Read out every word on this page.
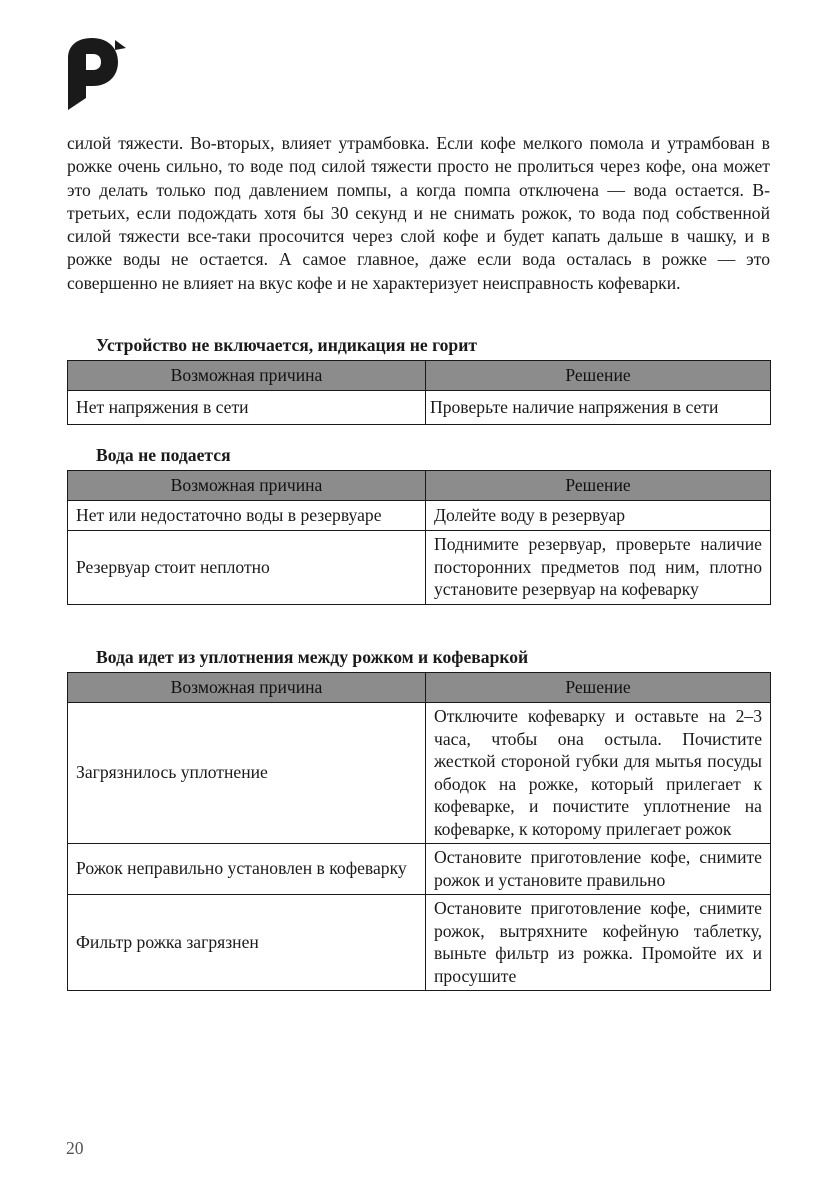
силой тяжести. Во-вторых, влияет утрамбовка. Если кофе мелкого помола и утрамбован в рожке очень сильно, то воде под силой тяжести просто не пролиться через кофе, она может это делать только под давлением помпы, а когда помпа отключена — вода остается. В-третьих, если подождать хотя бы 30 секунд и не снимать рожок, то вода под собственной силой тяжести все-таки просочится через слой кофе и будет капать дальше в чашку, и в рожке воды не остается. А самое главное, даже если вода осталась в рожке — это совершенно не влияет на вкус кофе и не характеризует неисправность кофеварки.

Устройство не включается, индикация не горит
Возможная причина	Решение
Нет напряжения в сети	Проверьте наличие напряжения в сети
Вода не подается
Возможная причина	Решение
Нет или недостаточно воды в резервуаре	Долейте воду в резервуар
Резервуар стоит неплотно	Поднимите резервуар, проверьте наличие посторонних предметов под ним, плотно установите резервуар на кофеварку
Вода идет из уплотнения между рожком и кофеваркой
Возможная причина	Решение
Загрязнилось уплотнение	Отключите кофеварку и оставьте на 2–3 часа, чтобы она остыла. Почистите жесткой стороной губки для мытья посуды ободок на рожке, который прилегает к кофеварке, и почистите уплотнение на кофеварке, к которому прилегает рожок
Рожок неправильно установлен в кофеварку	Остановите приготовление кофе, снимите рожок и установите правильно
Фильтр рожка загрязнен	Остановите приготовление кофе, снимите рожок, вытряхните кофейную таблетку, выньте фильтр из рожка. Промойте их и просушите
20
